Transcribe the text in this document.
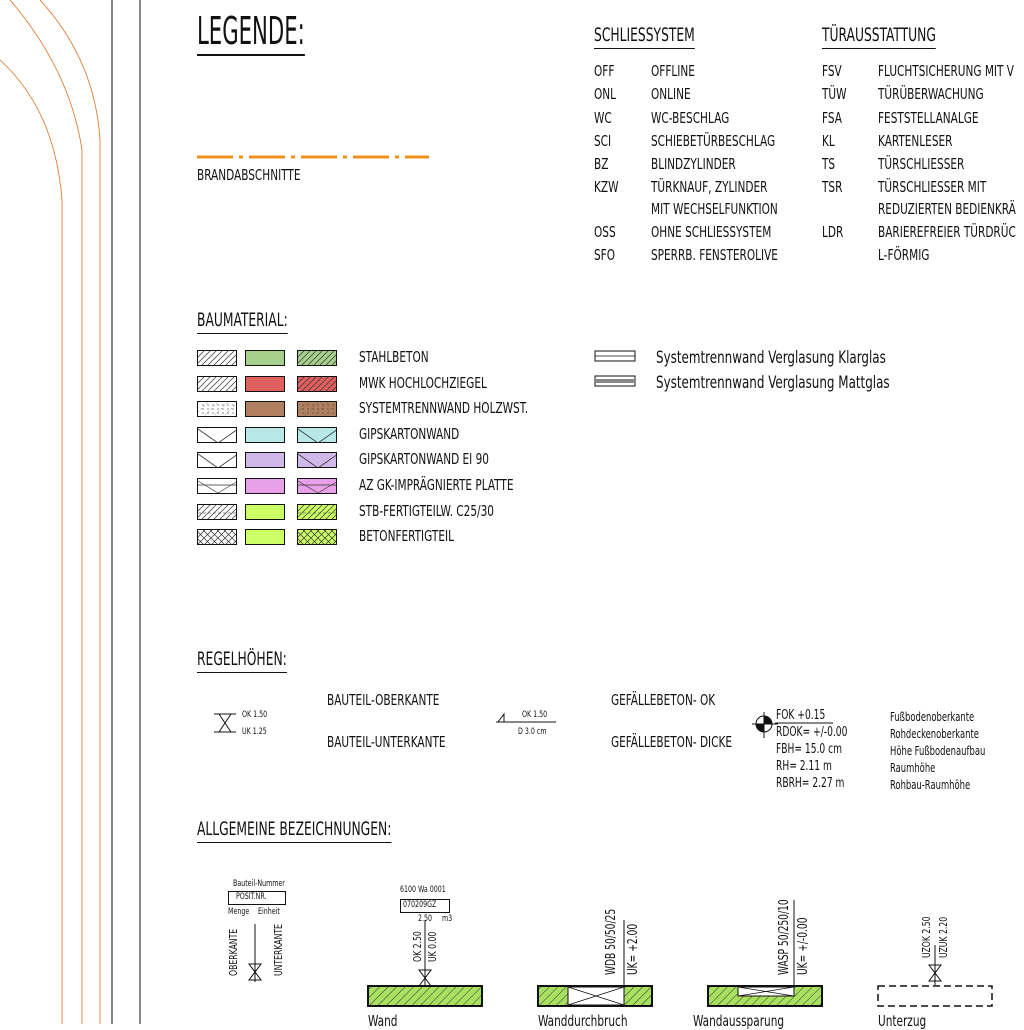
LEGENDE:
BRANDABSCHNITTE
SCHLIESSYSTEM
OFF OFFLINE
ONL ONLINE
WC	WC-BESCHLAG
SCI	SCHIEBETÜRBESCHLAG
BZ	BLINDZYLINDER
KZW TÜRKNAUF, ZYLINDER
MIT WECHSELFUNKTION
OSS OHNE SCHLIESSYSTEM
SFO SPERRB. FENSTEROLIVE
TÜRAUSSTATTUNG
FSV FLUCHTSICHERUNG MIT V
TÜW TÜRÜBERWACHUNG
FSA FESTSTELLANALGE
KL	KARTENLESER
TS	TÜRSCHLIESSER
TSR TÜRSCHLIESSER MIT
REDUZIERTEN BEDIENKRÄ
LDR BARIEREFREIER TÜRDRÜC
L-FÖRMIG
BAUMATERIAL:
STAHLBETON
MWK HOCHLOCHZIEGEL
SYSTEMTRENNWAND HOLZWST.
GIPSKARTONWAND
GIPSKARTONWAND EI 90
AZ GK-IMPRÄGNIERTE PLATTE
STB-FERTIGTEILW. C25/30
BETONFERTIGTEIL
Systemtrennwand Verglasung Klarglas
Systemtrennwand Verglasung Mattglas
REGELHÖHEN:
OK 1.50
UK 1.25
BAUTEIL-OBERKANTE
BAUTEIL-UNTERKANTE
OK 1.50
D 3.0 cm
GEFÄLLEBETON- OK
GEFÄLLEBETON- DICKE
FOK +0.15
RDOK= +/-0.00
FBH= 15.0 cm
RH= 2.11 m
RBRH= 2.27 m
Fußbodenoberkante
Rohdeckenoberkante
Höhe Fußbodenaufbau
Raumhöhe
Rohbau-Raumhöhe
ALLGEMEINE BEZEICHNUNGEN:
Bauteil-Nummer
POSIT.NR.
Menge Einheit
OBERKANTE	UNTERKANTE
6100 Wa 0001
070209GZ
2.50 m3
OK 2.50 UK 0.00	WDB 50/50/25 UK= +2.00	WASP 50/250/10 UK= +/-0.00	UZOK 2.50 UZUK 2.20
Wand	Wanddurchbruch	Wandaussparung	Unterzug
